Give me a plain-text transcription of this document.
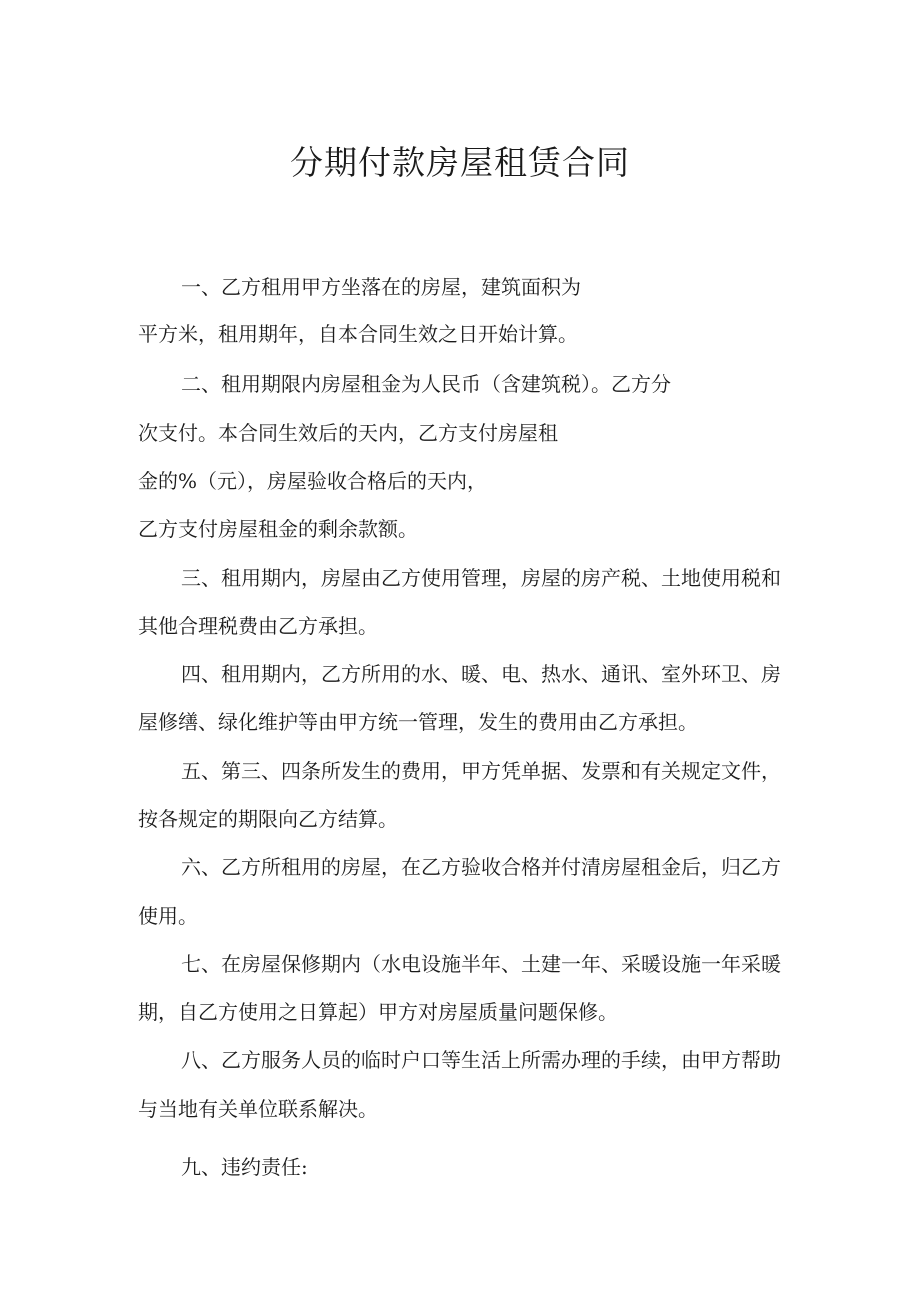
分期付款房屋租赁合同
一、乙方租用甲方坐落在的房屋，建筑面积为
平方米，租用期年，自本合同生效之日开始计算。
二、租用期限内房屋租金为人民币（含建筑税）。乙方分
次支付。本合同生效后的天内，乙方支付房屋租
金的%（元），房屋验收合格后的天内，
乙方支付房屋租金的剩余款额。
三、租用期内，房屋由乙方使用管理，房屋的房产税、土地使用税和
其他合理税费由乙方承担。
四、租用期内，乙方所用的水、暖、电、热水、通讯、室外环卫、房
屋修缮、绿化维护等由甲方统一管理，发生的费用由乙方承担。
五、第三、四条所发生的费用，甲方凭单据、发票和有关规定文件，
按各规定的期限向乙方结算。
六、乙方所租用的房屋，在乙方验收合格并付清房屋租金后，归乙方
使用。
七、在房屋保修期内（水电设施半年、土建一年、采暖设施一年采暖
期，自乙方使用之日算起）甲方对房屋质量问题保修。
八、乙方服务人员的临时户口等生活上所需办理的手续，由甲方帮助
与当地有关单位联系解决。
九、违约责任:
